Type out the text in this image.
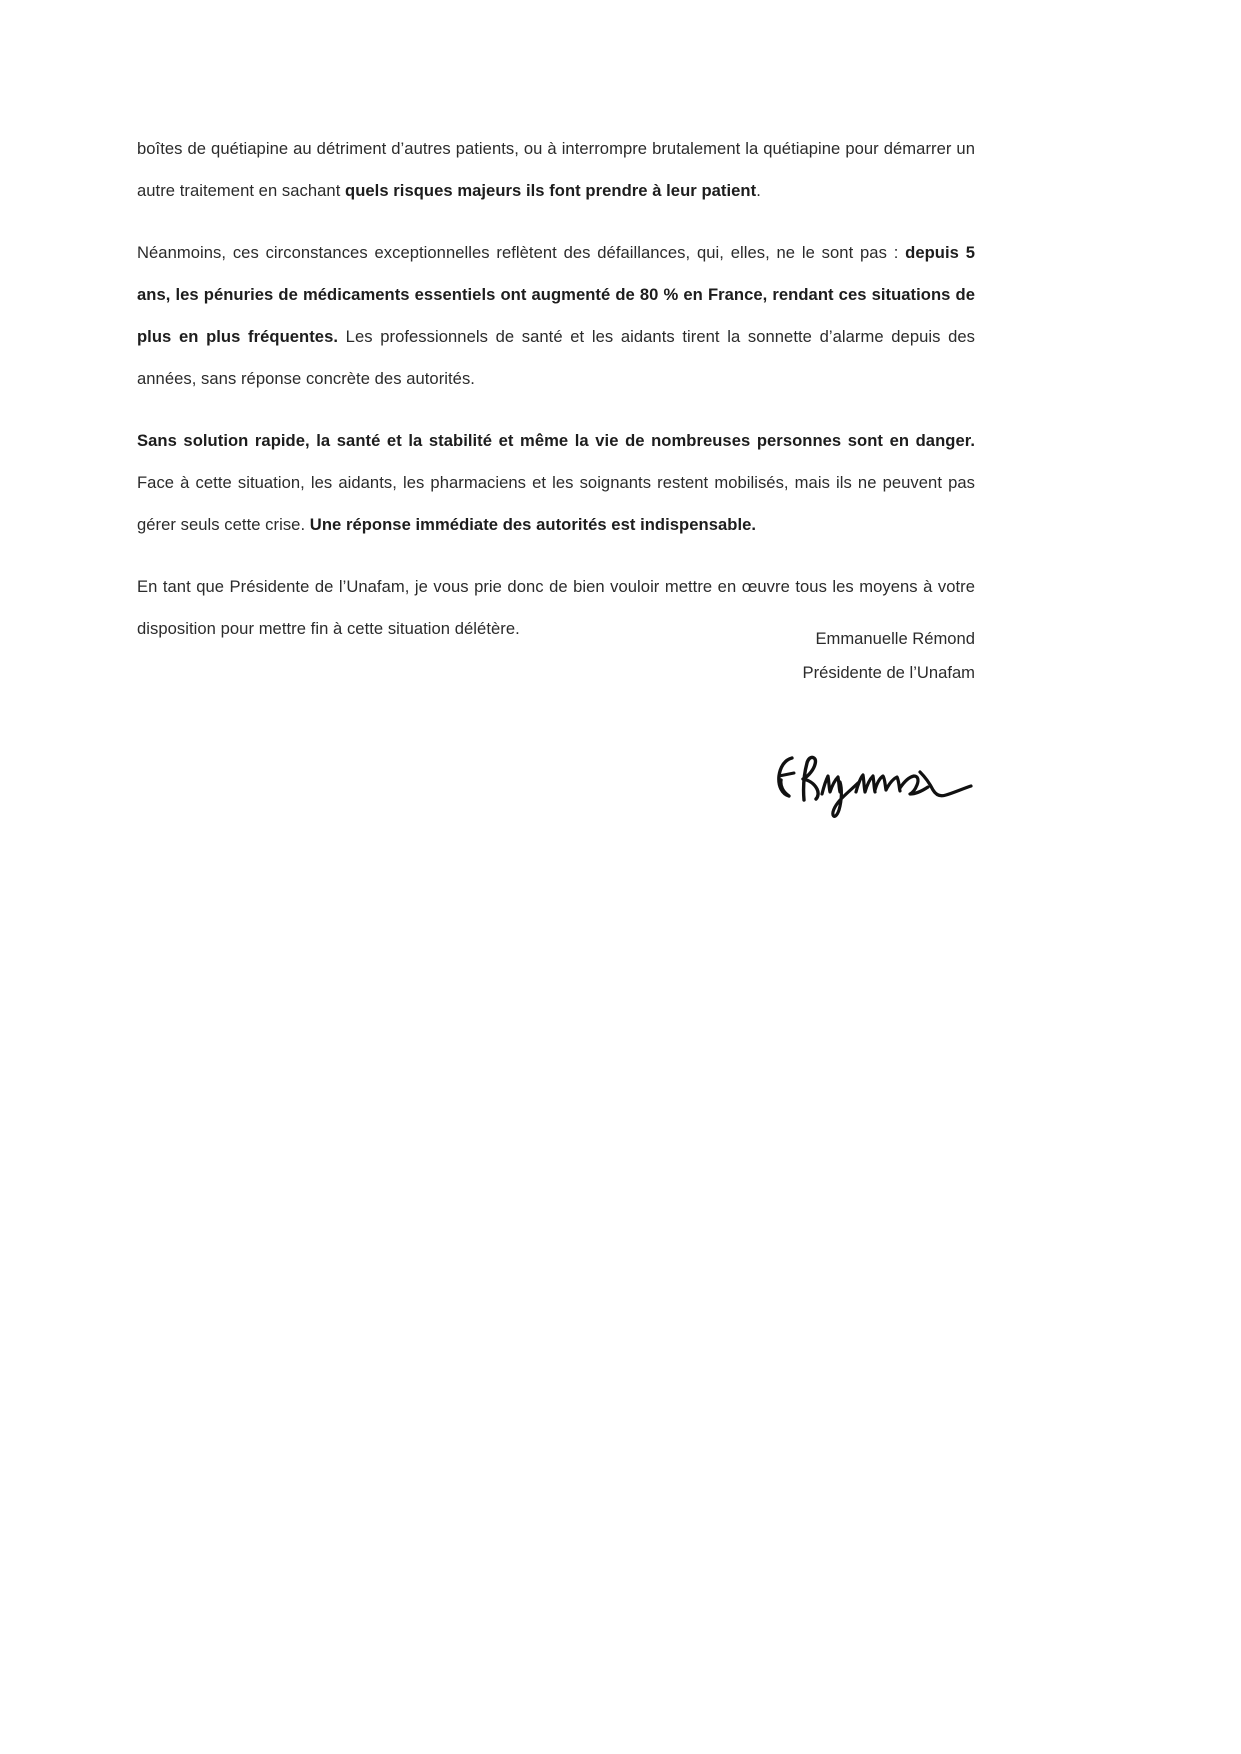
boîtes de quétiapine au détriment d’autres patients, ou à interrompre brutalement la quétiapine pour démarrer un autre traitement en sachant quels risques majeurs ils font prendre à leur patient.

Néanmoins, ces circonstances exceptionnelles reflètent des défaillances, qui, elles, ne le sont pas : depuis 5 ans, les pénuries de médicaments essentiels ont augmenté de 80 % en France, rendant ces situations de plus en plus fréquentes. Les professionnels de santé et les aidants tirent la sonnette d’alarme depuis des années, sans réponse concrète des autorités.

Sans solution rapide, la santé et la stabilité et même la vie de nombreuses personnes sont en danger. Face à cette situation, les aidants, les pharmaciens et les soignants restent mobilisés, mais ils ne peuvent pas gérer seuls cette crise. Une réponse immédiate des autorités est indispensable.

En tant que Présidente de l’Unafam, je vous prie donc de bien vouloir mettre en œuvre tous les moyens à votre disposition pour mettre fin à cette situation délétère.

Emmanuelle Rémond
Présidente de l’Unafam
